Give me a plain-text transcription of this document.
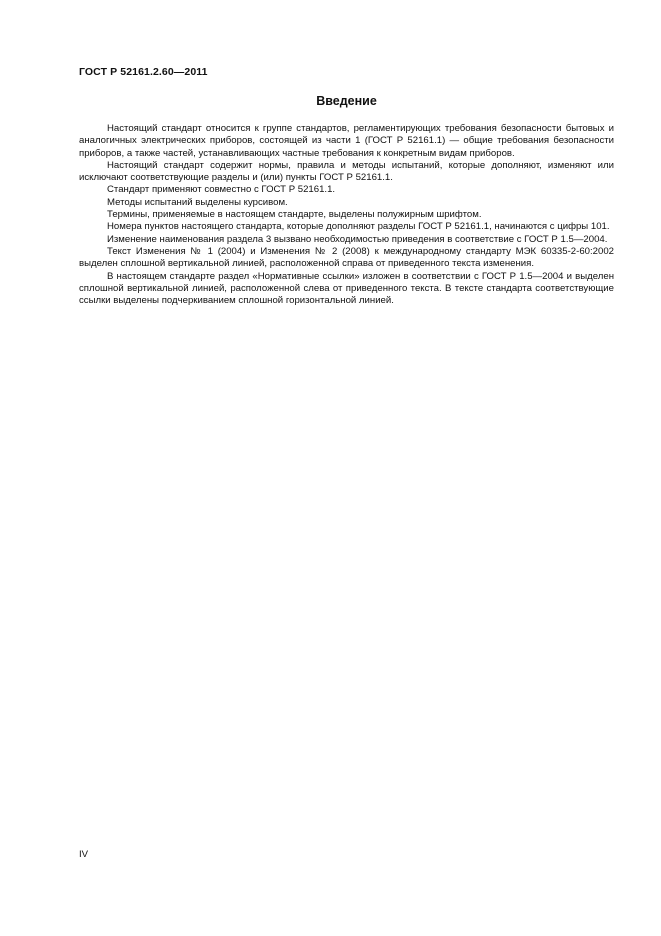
ГОСТ Р 52161.2.60—2011
Введение

Настоящий стандарт относится к группе стандартов, регламентирующих требования безопасности бытовых и аналогичных электрических приборов, состоящей из части 1 (ГОСТ Р 52161.1) — общие требования безопасности приборов, а также частей, устанавливающих частные требования к конкретным видам приборов.

Настоящий стандарт содержит нормы, правила и методы испытаний, которые дополняют, изменяют или исключают соответствующие разделы и (или) пункты ГОСТ Р 52161.1.

Стандарт применяют совместно с ГОСТ Р 52161.1.

Методы испытаний выделены курсивом.

Термины, применяемые в настоящем стандарте, выделены полужирным шрифтом.

Номера пунктов настоящего стандарта, которые дополняют разделы ГОСТ Р 52161.1, начинаются с цифры 101.

Изменение наименования раздела 3 вызвано необходимостью приведения в соответствие с ГОСТ Р 1.5—2004.

Текст Изменения № 1 (2004) и Изменения № 2 (2008) к международному стандарту МЭК 60335-2-60:2002 выделен сплошной вертикальной линией, расположенной справа от приведенного текста изменения.

В настоящем стандарте раздел «Нормативные ссылки» изложен в соответствии с ГОСТ Р 1.5—2004 и выделен сплошной вертикальной линией, расположенной слева от приведенного текста. В тексте стандарта соответствующие ссылки выделены подчеркиванием сплошной горизонтальной линией.

IV
